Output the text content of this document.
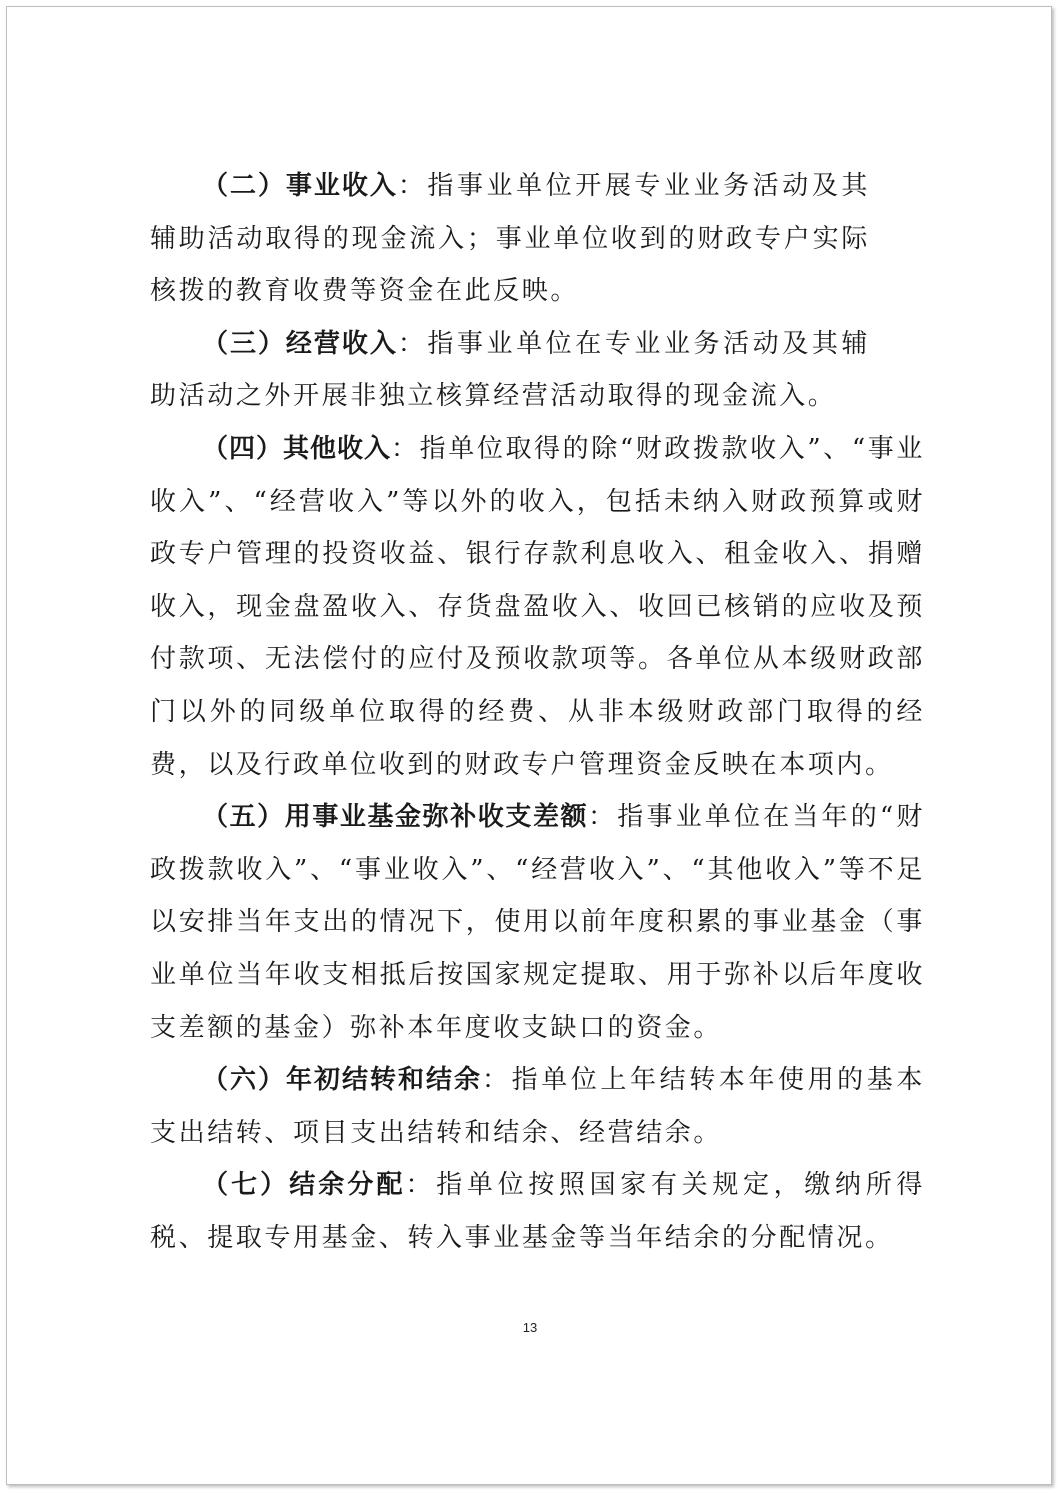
（二）事业收入：指事业单位开展专业业务活动及其辅助活动取得的现金流入；事业单位收到的财政专户实际核拨的教育收费等资金在此反映。

（三）经营收入：指事业单位在专业业务活动及其辅助活动之外开展非独立核算经营活动取得的现金流入。

（四）其他收入：指单位取得的除“财政拨款收入”、“事业收入”、“经营收入”等以外的收入，包括未纳入财政预算或财政专户管理的投资收益、银行存款利息收入、租金收入、捐赠收入，现金盘盈收入、存货盘盈收入、收回已核销的应收及预付款项、无法偿付的应付及预收款项等。各单位从本级财政部门以外的同级单位取得的经费、从非本级财政部门取得的经费，以及行政单位收到的财政专户管理资金反映在本项内。

（五）用事业基金弥补收支差额：指事业单位在当年的“财政拨款收入”、“事业收入”、“经营收入”、“其他收入”等不足以安排当年支出的情况下，使用以前年度积累的事业基金（事业单位当年收支相抵后按国家规定提取、用于弥补以后年度收支差额的基金）弥补本年度收支缺口的资金。

（六）年初结转和结余：指单位上年结转本年使用的基本支出结转、项目支出结转和结余、经营结余。

（七）结余分配：指单位按照国家有关规定，缴纳所得税、提取专用基金、转入事业基金等当年结余的分配情况。

13
